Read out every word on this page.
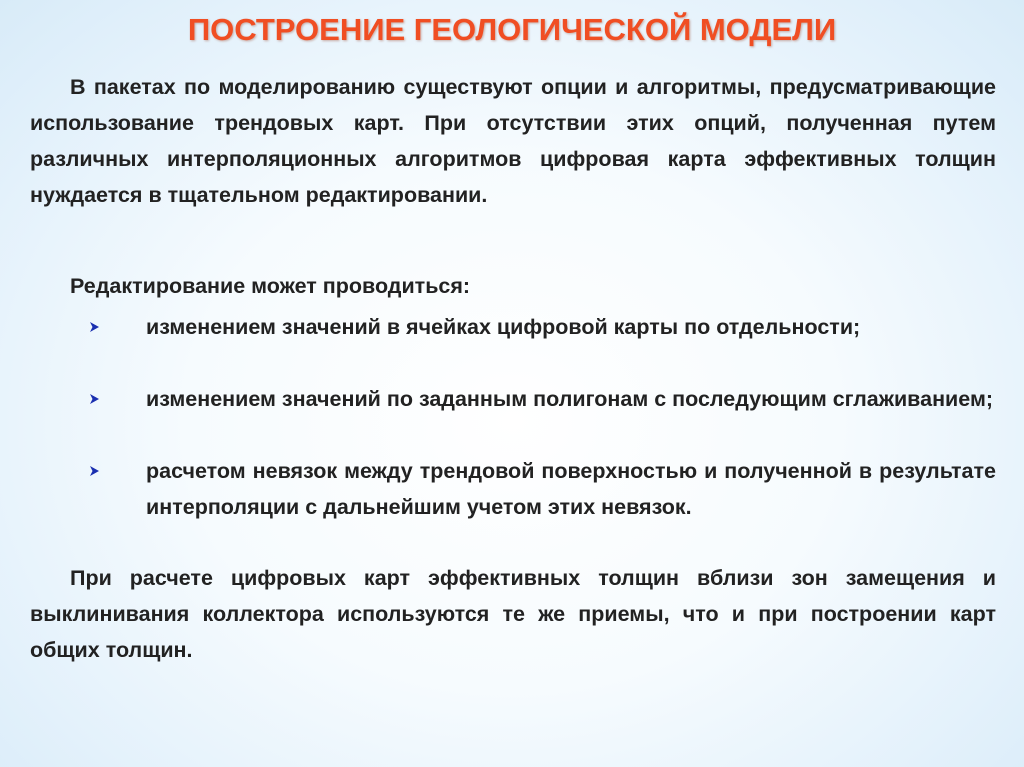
ПОСТРОЕНИЕ ГЕОЛОГИЧЕСКОЙ МОДЕЛИ

В пакетах по моделированию существуют опции и алгоритмы, предусматривающие использование трендовых карт. При отсутствии этих опций, полученная путем различных интерполяционных алгоритмов цифровая карта эффективных толщин нуждается в тщательном редактировании.

Редактирование может проводиться:

изменением значений в ячейках цифровой карты по отдельности;
изменением значений по заданным полигонам с последующим сглаживанием;
расчетом невязок между трендовой поверхностью и полученной в результате интерполяции с дальнейшим учетом этих невязок.

При расчете цифровых карт эффективных толщин вблизи зон замещения и выклинивания коллектора используются те же приемы, что и при построении карт общих толщин.
